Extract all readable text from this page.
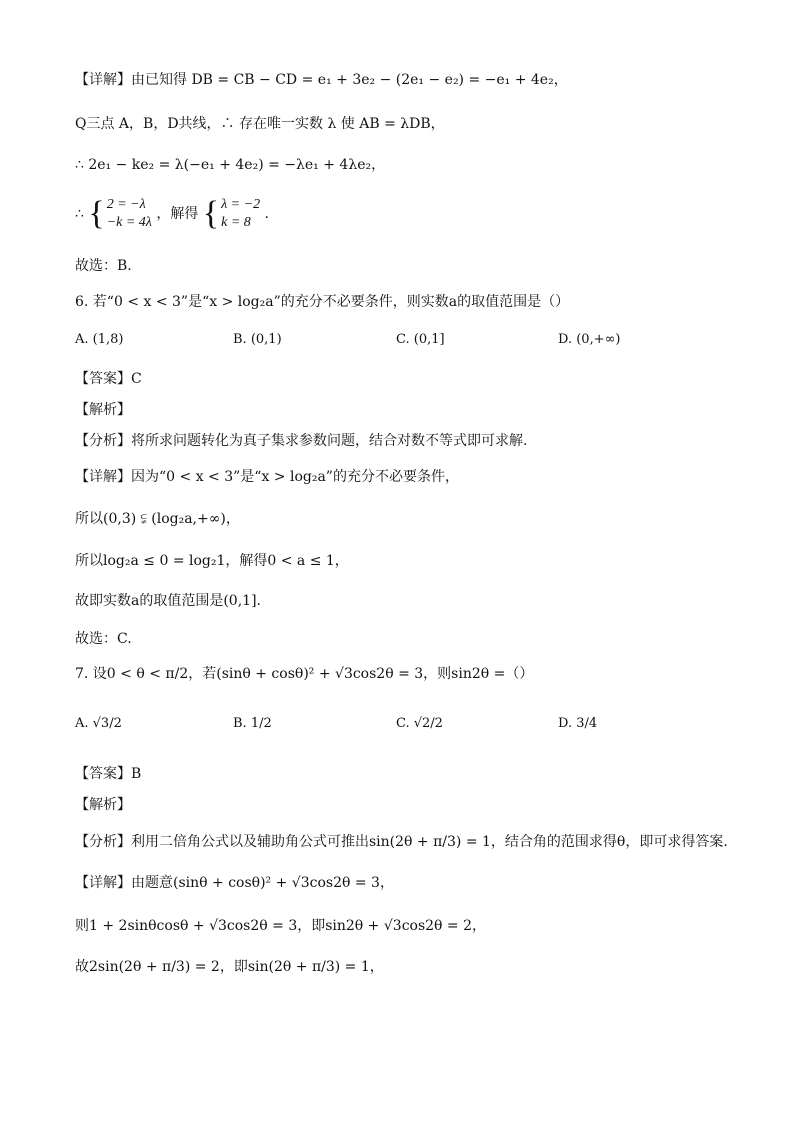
【详解】由已知得 DB = CB − CD = e₁ + 3e₂ − (2e₁ − e₂) = −e₁ + 4e₂，
Q三点 A，B，D共线，∴ 存在唯一实数 λ 使 AB = λDB，
∴ 2e₁ − ke₂ = λ(−e₁ + 4e₂) = −λe₁ + 4λe₂，
∴ { 2 = −λ
−k = 4λ
，解得 { λ = −2
k = 8
.
故选：B.
6. 若“0 < x < 3”是“x > log₂a”的充分不必要条件，则实数a的取值范围是（）
A. (1,8)	B. (0,1)	C. (0,1]	D. (0,+∞)
【答案】C
【解析】
【分析】将所求问题转化为真子集求参数问题，结合对数不等式即可求解.
【详解】因为“0 < x < 3”是“x > log₂a”的充分不必要条件，
所以(0,3) ⫋ (log₂a,+∞)，
所以log₂a ≤ 0 = log₂1，解得0 < a ≤ 1，
故即实数a的取值范围是(0,1].
故选：C.
7. 设0 < θ < π/2，若(sinθ + cosθ)² + √3cos2θ = 3，则sin2θ =（）
A. √3/2	B. 1/2	C. √2/2	D. 3/4
【答案】B
【解析】
【分析】利用二倍角公式以及辅助角公式可推出sin(2θ + π/3) = 1，结合角的范围求得θ，即可求得答案.
【详解】由题意(sinθ + cosθ)² + √3cos2θ = 3，
则1 + 2sinθcosθ + √3cos2θ = 3，即sin2θ + √3cos2θ = 2，
故2sin(2θ + π/3) = 2，即sin(2θ + π/3) = 1，
